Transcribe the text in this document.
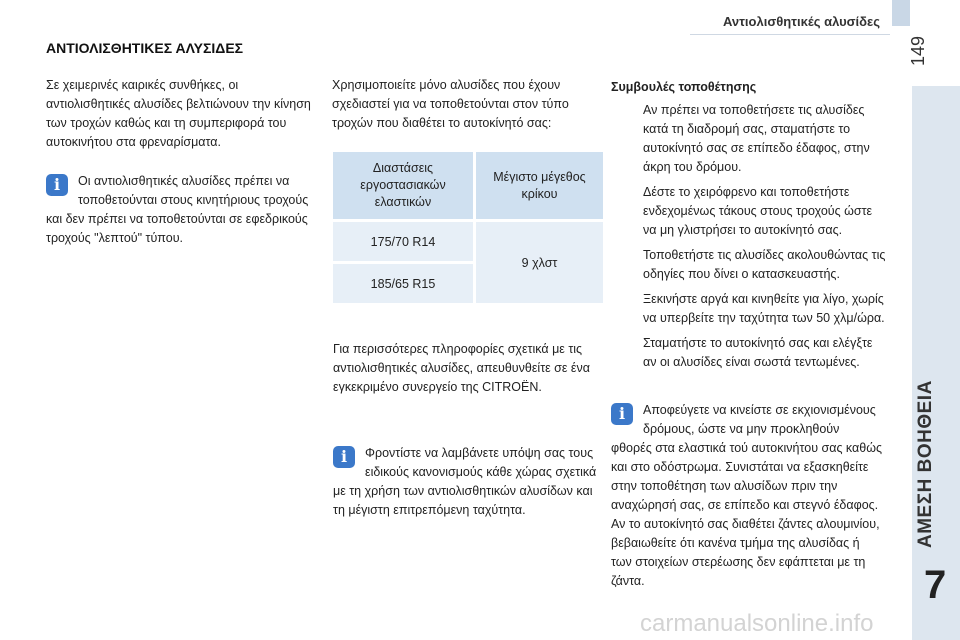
Αντιολισθητικές αλυσίδες
149
ΑΜΕΣΗ ΒΟΗΘΕΙΑ
7
ΑΝΤΙΟΛΙΣΘΗΤΙΚΕΣ ΑΛΥΣΙΔΕΣ

Σε χειμερινές καιρικές συνθήκες, οι αντιολισθητικές αλυσίδες βελτιώνουν την κίνηση των τροχών καθώς και τη συμπεριφορά του αυτοκινήτου στα φρεναρίσματα.

i	Οι αντιολισθητικές αλυσίδες πρέπει να τοποθετούνται στους κινητήριους τροχούς και δεν πρέπει να τοποθετούνται σε εφεδρικούς τροχούς "λεπτού" τύπου.

Χρησιμοποιείτε μόνο αλυσίδες που έχουν σχεδιαστεί για να τοποθετούνται στον τύπο τροχών που διαθέτει το αυτοκίνητό σας:

Διαστάσεις εργοστασιακών ελαστικών	Μέγιστο μέγεθος κρίκου
175/70 R14	9 χλστ
185/65 R15	

Για περισσότερες πληροφορίες σχετικά με τις αντιολισθητικές αλυσίδες, απευθυνθείτε σε ένα εγκεκριμένο συνεργείο της CITROËN.

i	Φροντίστε να λαμβάνετε υπόψη σας τους ειδικούς κανονισμούς κάθε χώρας σχετικά με τη χρήση των αντιολισθητικών αλυσίδων και τη μέγιστη επιτρεπόμενη ταχύτητα.

Συμβουλές τοποθέτησης
Αν πρέπει να τοποθετήσετε τις αλυσίδες κατά τη διαδρομή σας, σταματήστε το αυτοκίνητό σας σε επίπεδο έδαφος, στην άκρη του δρόμου.
Δέστε το χειρόφρενο και τοποθετήστε ενδεχομένως τάκους στους τροχούς ώστε να μη γλιστρήσει το αυτοκίνητό σας.
Τοποθετήστε τις αλυσίδες ακολουθώντας τις οδηγίες που δίνει ο κατασκευαστής.
Ξεκινήστε αργά και κινηθείτε για λίγο, χωρίς να υπερβείτε την ταχύτητα των 50 χλμ/ώρα.
Σταματήστε το αυτοκίνητό σας και ελέγξτε αν οι αλυσίδες είναι σωστά τεντωμένες.
i	Αποφεύγετε να κινείστε σε εκχιονισμένους δρόμους, ώστε να μην προκληθούν φθορές στα ελαστικά τού αυτοκινήτου σας καθώς και στο οδόστρωμα. Συνιστάται να εξασκηθείτε στην τοποθέτηση των αλυσίδων πριν την αναχώρησή σας, σε επίπεδο και στεγνό έδαφος. Αν το αυτοκίνητό σας διαθέτει ζάντες αλουμινίου, βεβαιωθείτε ότι κανένα τμήμα της αλυσίδας ή των στοιχείων στερέωσης δεν εφάπτεται με τη ζάντα.

carmanualsonline.info
